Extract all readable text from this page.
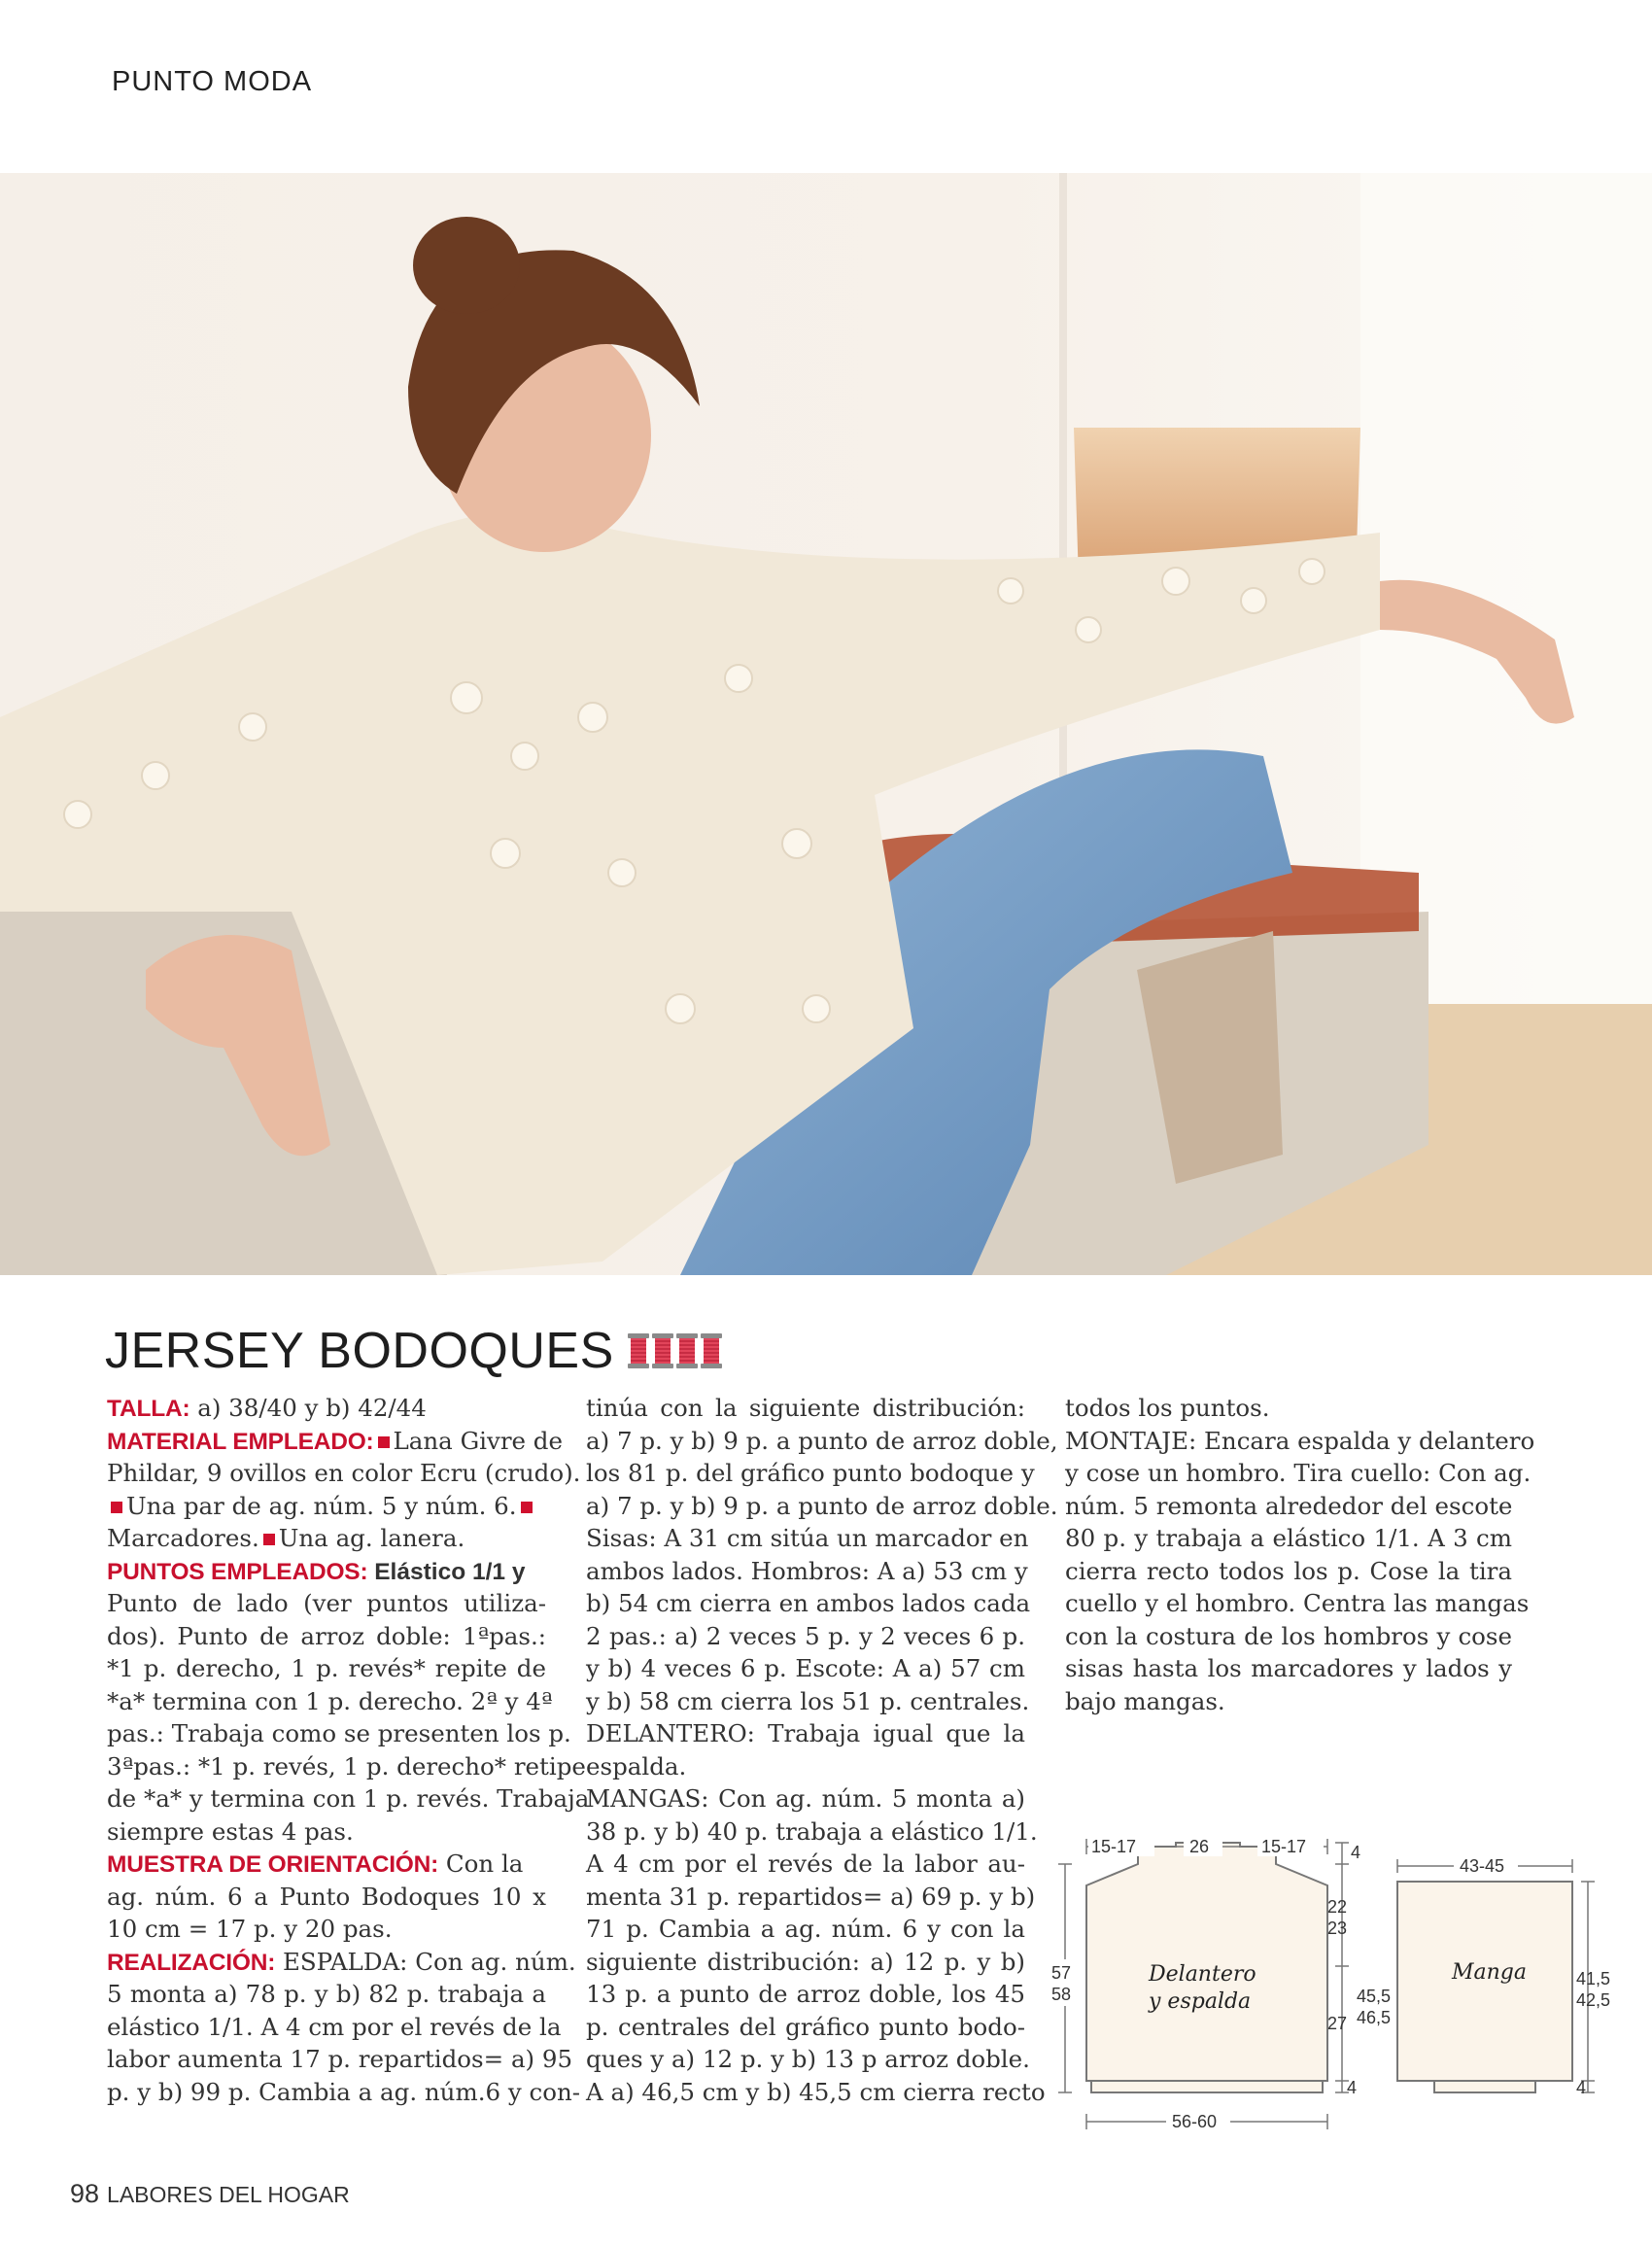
PUNTO MODA
JERSEY BODOQUES
TALLA: a) 38/40 y b) 42/44
MATERIAL EMPLEADO: Lana Givre de
Phildar, 9 ovillos en color Ecru (crudo).
Una par de ag. núm. 5 y núm. 6.
Marcadores. Una ag. lanera.
PUNTOS EMPLEADOS: Elástico 1/1 y
Punto de lado (ver puntos utiliza-
dos). Punto de arroz doble: 1ªpas.:
*1 p. derecho, 1 p. revés* repite de
*a* termina con 1 p. derecho. 2ª y 4ª
pas.: Trabaja como se presenten los p.
3ªpas.: *1 p. revés, 1 p. derecho* retipe
de *a* y termina con 1 p. revés. Trabaja
siempre estas 4 pas.
MUESTRA DE ORIENTACIÓN: Con la
ag. núm. 6 a Punto Bodoques 10 x
10 cm = 17 p. y 20 pas.
REALIZACIÓN: ESPALDA: Con ag. núm.
5 monta a) 78 p. y b) 82 p. trabaja a
elástico 1/1. A 4 cm por el revés de la
labor aumenta 17 p. repartidos= a) 95
p. y b) 99 p. Cambia a ag. núm.6 y con-
tinúa con la siguiente distribución:
a) 7 p. y b) 9 p. a punto de arroz doble,
los 81 p. del gráfico punto bodoque y
a) 7 p. y b) 9 p. a punto de arroz doble.
Sisas: A 31 cm sitúa un marcador en
ambos lados. Hombros: A a) 53 cm y
b) 54 cm cierra en ambos lados cada
2 pas.: a) 2 veces 5 p. y 2 veces 6 p.
y b) 4 veces 6 p. Escote: A a) 57 cm
y b) 58 cm cierra los 51 p. centrales.
DELANTERO: Trabaja igual que la
espalda.
MANGAS: Con ag. núm. 5 monta a)
38 p. y b) 40 p. trabaja a elástico 1/1.
A 4 cm por el revés de la labor au-
menta 31 p. repartidos= a) 69 p. y b)
71 p. Cambia a ag. núm. 6 y con la
siguiente distribución: a) 12 p. y b)
13 p. a punto de arroz doble, los 45
p. centrales del gráfico punto bodo-
ques y a) 12 p. y b) 13 p arroz doble.
A a) 46,5 cm y b) 45,5 cm cierra recto
todos los puntos.
MONTAJE: Encara espalda y delantero
y cose un hombro. Tira cuello: Con ag.
núm. 5 remonta alrededor del escote
80 p. y trabaja a elástico 1/1. A 3 cm
cierra recto todos los p. Cose la tira
cuello y el hombro. Centra las mangas
con la costura de los hombros y cose
sisas hasta los marcadores y lados y
bajo mangas.
15-17	26	15-17
57
58
56-60
4
22
23
27
4
45,5
46,5
43-45
41,5
42,5
4
Delantero
y espalda
Manga
98 LABORES DEL HOGAR
